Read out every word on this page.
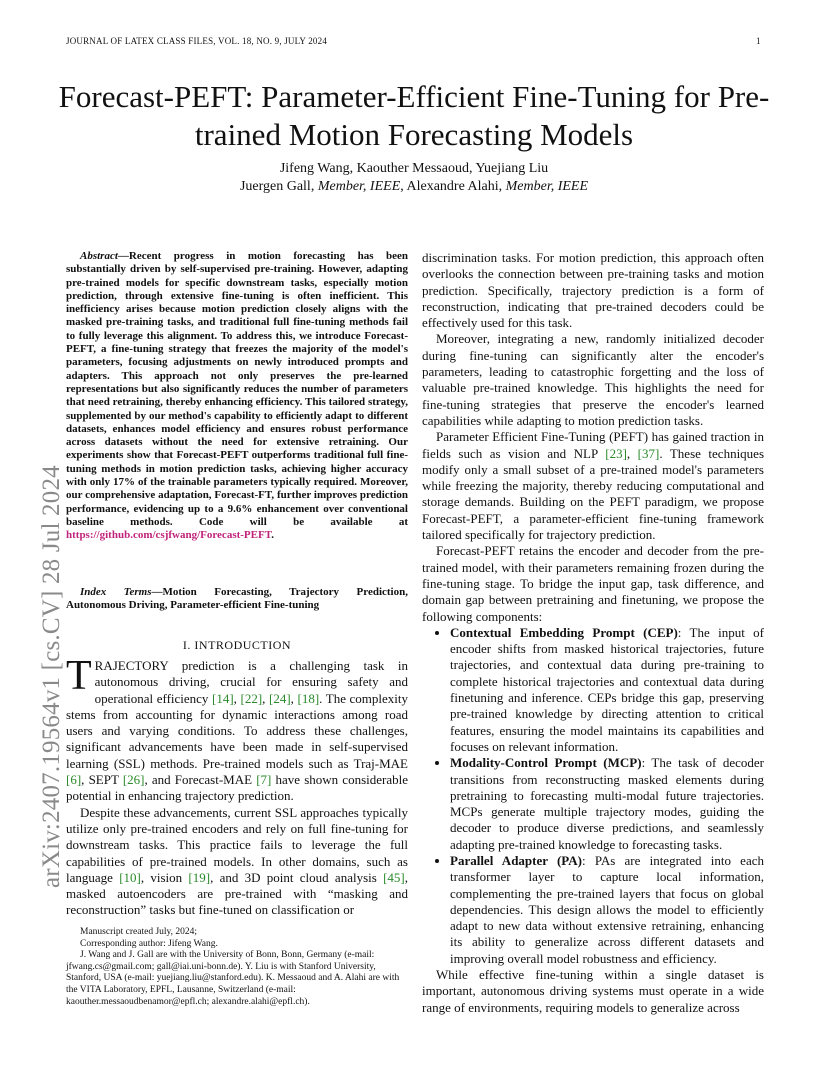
JOURNAL OF LATEX CLASS FILES, VOL. 18, NO. 9, JULY 2024	1
Forecast-PEFT: Parameter-Efficient Fine-Tuning for Pre-trained Motion Forecasting Models
Jifeng Wang, Kaouther Messaoud, Yuejiang Liu
Juergen Gall, Member, IEEE, Alexandre Alahi, Member, IEEE
arXiv:2407.19564v1 [cs.CV] 28 Jul 2024

Abstract—Recent progress in motion forecasting has been substantially driven by self-supervised pre-training. However, adapting pre-trained models for specific downstream tasks, especially motion prediction, through extensive fine-tuning is often inefficient. This inefficiency arises because motion prediction closely aligns with the masked pre-training tasks, and traditional full fine-tuning methods fail to fully leverage this alignment. To address this, we introduce Forecast-PEFT, a fine-tuning strategy that freezes the majority of the model's parameters, focusing adjustments on newly introduced prompts and adapters. This approach not only preserves the pre-learned representations but also significantly reduces the number of parameters that need retraining, thereby enhancing efficiency. This tailored strategy, supplemented by our method's capability to efficiently adapt to different datasets, enhances model efficiency and ensures robust performance across datasets without the need for extensive retraining. Our experiments show that Forecast-PEFT outperforms traditional full fine-tuning methods in motion prediction tasks, achieving higher accuracy with only 17% of the trainable parameters typically required. Moreover, our comprehensive adaptation, Forecast-FT, further improves prediction performance, evidencing up to a 9.6% enhancement over conventional baseline methods. Code will be available at https://github.com/csjfwang/Forecast-PEFT.

Index Terms—Motion Forecasting, Trajectory Prediction, Autonomous Driving, Parameter-efficient Fine-tuning

I. INTRODUCTION

TRAJECTORY prediction is a challenging task in autonomous driving, crucial for ensuring safety and operational efficiency [14], [22], [24], [18]. The complexity stems from accounting for dynamic interactions among road users and varying conditions. To address these challenges, significant advancements have been made in self-supervised learning (SSL) methods. Pre-trained models such as Traj-MAE [6], SEPT [26], and Forecast-MAE [7] have shown considerable potential in enhancing trajectory prediction.

Despite these advancements, current SSL approaches typically utilize only pre-trained encoders and rely on full fine-tuning for downstream tasks. This practice fails to leverage the full capabilities of pre-trained models. In other domains, such as language [10], vision [19], and 3D point cloud analysis [45], masked autoencoders are pre-trained with “masking and reconstruction” tasks but fine-tuned on classification or

Manuscript created July, 2024;

Corresponding author: Jifeng Wang.

J. Wang and J. Gall are with the University of Bonn, Bonn, Germany (e-mail: jfwang.cs@gmail.com; gall@iai.uni-bonn.de). Y. Liu is with Stanford University, Stanford, USA (e-mail: yuejiang.liu@stanford.edu). K. Messaoud and A. Alahi are with the VITA Laboratory, EPFL, Lausanne, Switzerland (e-mail: kaouther.messaoudbenamor@epfl.ch; alexandre.alahi@epfl.ch).

discrimination tasks. For motion prediction, this approach often overlooks the connection between pre-training tasks and motion prediction. Specifically, trajectory prediction is a form of reconstruction, indicating that pre-trained decoders could be effectively used for this task.

Moreover, integrating a new, randomly initialized decoder during fine-tuning can significantly alter the encoder's parameters, leading to catastrophic forgetting and the loss of valuable pre-trained knowledge. This highlights the need for fine-tuning strategies that preserve the encoder's learned capabilities while adapting to motion prediction tasks.

Parameter Efficient Fine-Tuning (PEFT) has gained traction in fields such as vision and NLP [23], [37]. These techniques modify only a small subset of a pre-trained model's parameters while freezing the majority, thereby reducing computational and storage demands. Building on the PEFT paradigm, we propose Forecast-PEFT, a parameter-efficient fine-tuning framework tailored specifically for trajectory prediction.

Forecast-PEFT retains the encoder and decoder from the pre-trained model, with their parameters remaining frozen during the fine-tuning stage. To bridge the input gap, task difference, and domain gap between pretraining and finetuning, we propose the following components:

• Contextual Embedding Prompt (CEP): The input of encoder shifts from masked historical trajectories, future trajectories, and contextual data during pre-training to complete historical trajectories and contextual data during finetuning and inference. CEPs bridge this gap, preserving pre-trained knowledge by directing attention to critical features, ensuring the model maintains its capabilities and focuses on relevant information.
• Modality-Control Prompt (MCP): The task of decoder transitions from reconstructing masked elements during pretraining to forecasting multi-modal future trajectories. MCPs generate multiple trajectory modes, guiding the decoder to produce diverse predictions, and seamlessly adapting pre-trained knowledge to forecasting tasks.
• Parallel Adapter (PA): PAs are integrated into each transformer layer to capture local information, complementing the pre-trained layers that focus on global dependencies. This design allows the model to efficiently adapt to new data without extensive retraining, enhancing its ability to generalize across different datasets and improving overall model robustness and efficiency.

While effective fine-tuning within a single dataset is important, autonomous driving systems must operate in a wide range of environments, requiring models to generalize across
